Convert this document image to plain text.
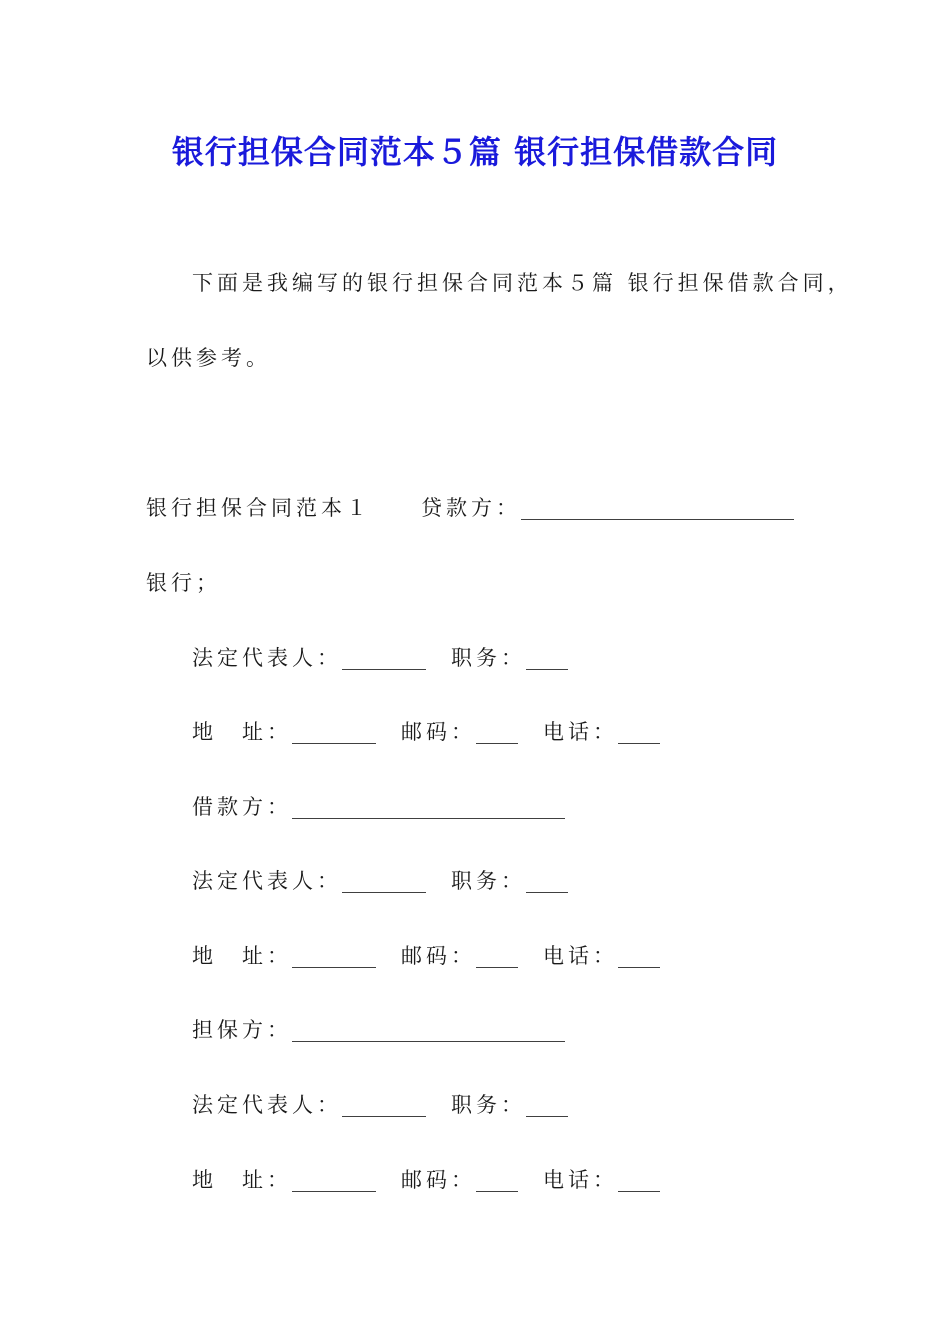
银行担保合同范本５篇 银行担保借款合同
下面是我编写的银行担保合同范本５篇 银行担保借款合同，
以供参考。
银行担保合同范本１　　贷款方：__________________________
银行；
法定代表人：________　职务：____
地　址：________　邮码：____　电话：____
借款方：__________________________
法定代表人：________　职务：____
地　址：________　邮码：____　电话：____
担保方：__________________________
法定代表人：________　职务：____
地　址：________　邮码：____　电话：____
